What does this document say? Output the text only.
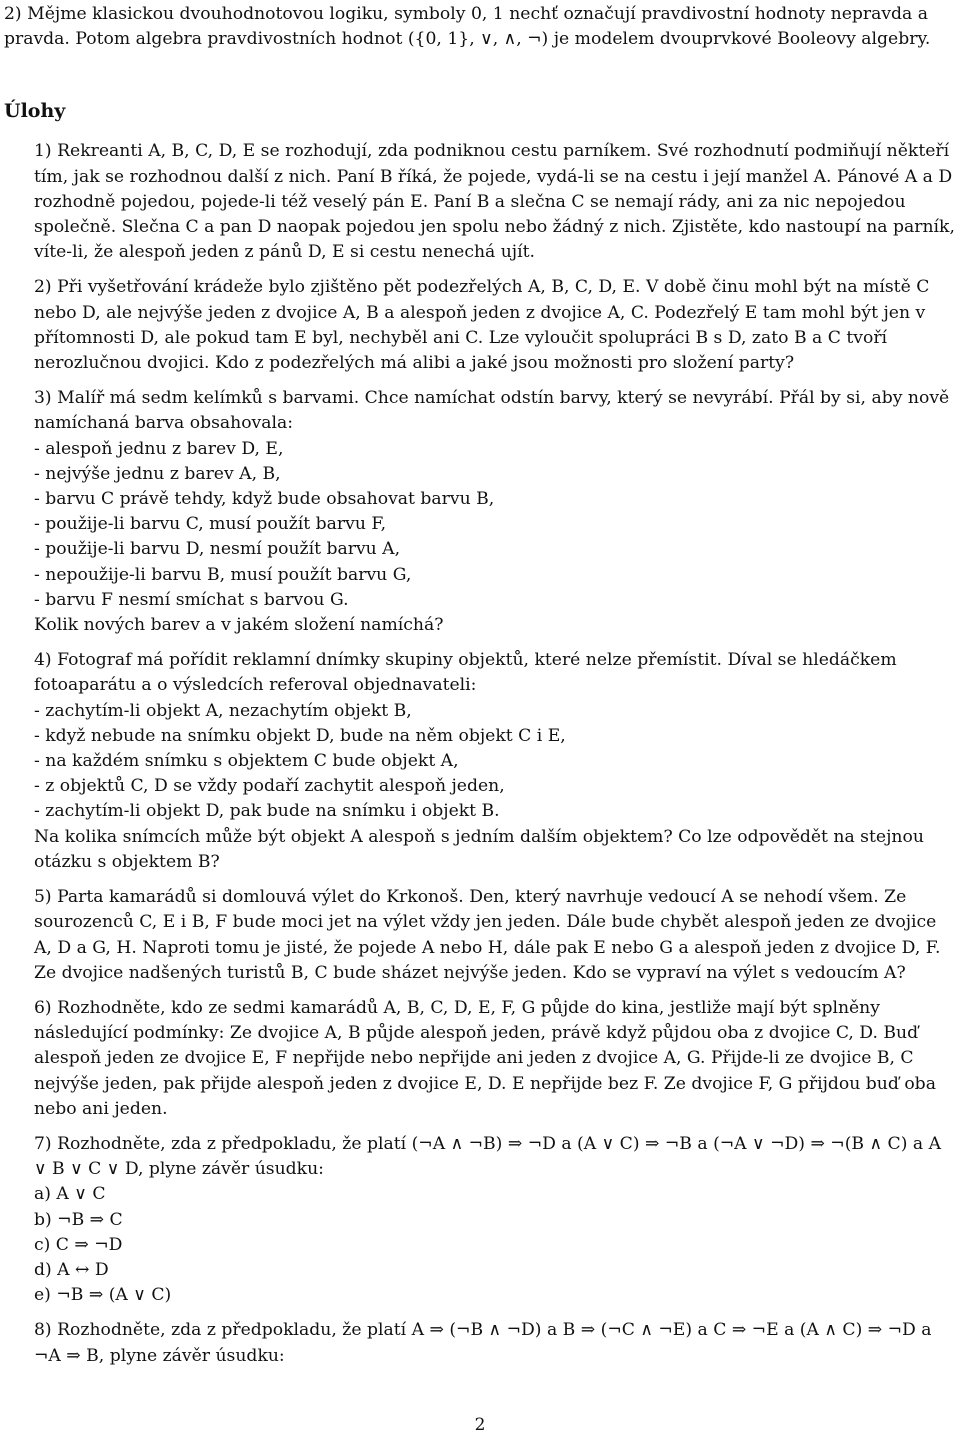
2) Mějme klasickou dvouhodnotovou logiku, symboly 0, 1 nechť označují pravdivostní hodnoty nepravda a pravda. Potom algebra pravdivostních hodnot ({0, 1}, ∨, ∧, ¬) je modelem dvouprvkové Booleovy algebry.

Úlohy

1) Rekreanti A, B, C, D, E se rozhodují, zda podniknou cestu parníkem. Své rozhodnutí podmiňují někteří tím, jak se rozhodnou další z nich. Paní B říká, že pojede, vydá-li se na cestu i její manžel A. Pánové A a D rozhodně pojedou, pojede-li též veselý pán E. Paní B a slečna C se nemají rády, ani za nic nepojedou společně. Slečna C a pan D naopak pojedou jen spolu nebo žádný z nich. Zjistěte, kdo nastoupí na parník, víte-li, že alespoň jeden z pánů D, E si cestu nenechá ujít.

2) Při vyšetřování krádeže bylo zjištěno pět podezřelých A, B, C, D, E. V době činu mohl být na místě C nebo D, ale nejvýše jeden z dvojice A, B a alespoň jeden z dvojice A, C. Podezřelý E tam mohl být jen v přítomnosti D, ale pokud tam E byl, nechyběl ani C. Lze vyloučit spolupráci B s D, zato B a C tvoří nerozlučnou dvojici. Kdo z podezřelých má alibi a jaké jsou možnosti pro složení party?

3) Malíř má sedm kelímků s barvami. Chce namíchat odstín barvy, který se nevyrábí. Přál by si, aby nově namíchaná barva obsahovala:

- alespoň jednu z barev D, E,
- nejvýše jednu z barev A, B,
- barvu C právě tehdy, když bude obsahovat barvu B,
- použije-li barvu C, musí použít barvu F,
- použije-li barvu D, nesmí použít barvu A,
- nepoužije-li barvu B, musí použít barvu G,
- barvu F nesmí smíchat s barvou G.
Kolik nových barev a v jakém složení namíchá?

4) Fotograf má pořídit reklamní dnímky skupiny objektů, které nelze přemístit. Díval se hledáčkem fotoaparátu a o výsledcích referoval objednavateli:

- zachytím-li objekt A, nezachytím objekt B,
- když nebude na snímku objekt D, bude na něm objekt C i E,
- na každém snímku s objektem C bude objekt A,
- z objektů C, D se vždy podaří zachytit alespoň jeden,
- zachytím-li objekt D, pak bude na snímku i objekt B.

Na kolika snímcích může být objekt A alespoň s jedním dalším objektem? Co lze odpovědět na stejnou otázku s objektem B?

5) Parta kamarádů si domlouvá výlet do Krkonoš. Den, který navrhuje vedoucí A se nehodí všem. Ze sourozenců C, E i B, F bude moci jet na výlet vždy jen jeden. Dále bude chybět alespoň jeden ze dvojice A, D a G, H. Naproti tomu je jisté, že pojede A nebo H, dále pak E nebo G a alespoň jeden z dvojice D, F. Ze dvojice nadšených turistů B, C bude sházet nejvýše jeden. Kdo se vypraví na výlet s vedoucím A?

6) Rozhodněte, kdo ze sedmi kamarádů A, B, C, D, E, F, G půjde do kina, jestliže mají být splněny následující podmínky: Ze dvojice A, B půjde alespoň jeden, právě když půjdou oba z dvojice C, D. Buď alespoň jeden ze dvojice E, F nepřijde nebo nepřijde ani jeden z dvojice A, G. Přijde-li ze dvojice B, C nejvýše jeden, pak přijde alespoň jeden z dvojice E, D. E nepřijde bez F. Ze dvojice F, G přijdou buď oba nebo ani jeden.

7) Rozhodněte, zda z předpokladu, že platí (¬A ∧ ¬B) ⇒ ¬D a (A ∨ C) ⇒ ¬B a (¬A ∨ ¬D) ⇒ ¬(B ∧ C) a A ∨ B ∨ C ∨ D, plyne závěr úsudku:

a) A ∨ C
b) ¬B ⇒ C
c) C ⇒ ¬D
d) A ↔ D
e) ¬B ⇒ (A ∨ C)

8) Rozhodněte, zda z předpokladu, že platí A ⇒ (¬B ∧ ¬D) a B ⇒ (¬C ∧ ¬E) a C ⇒ ¬E a (A ∧ C) ⇒ ¬D a ¬A ⇒ B, plyne závěr úsudku:

2
